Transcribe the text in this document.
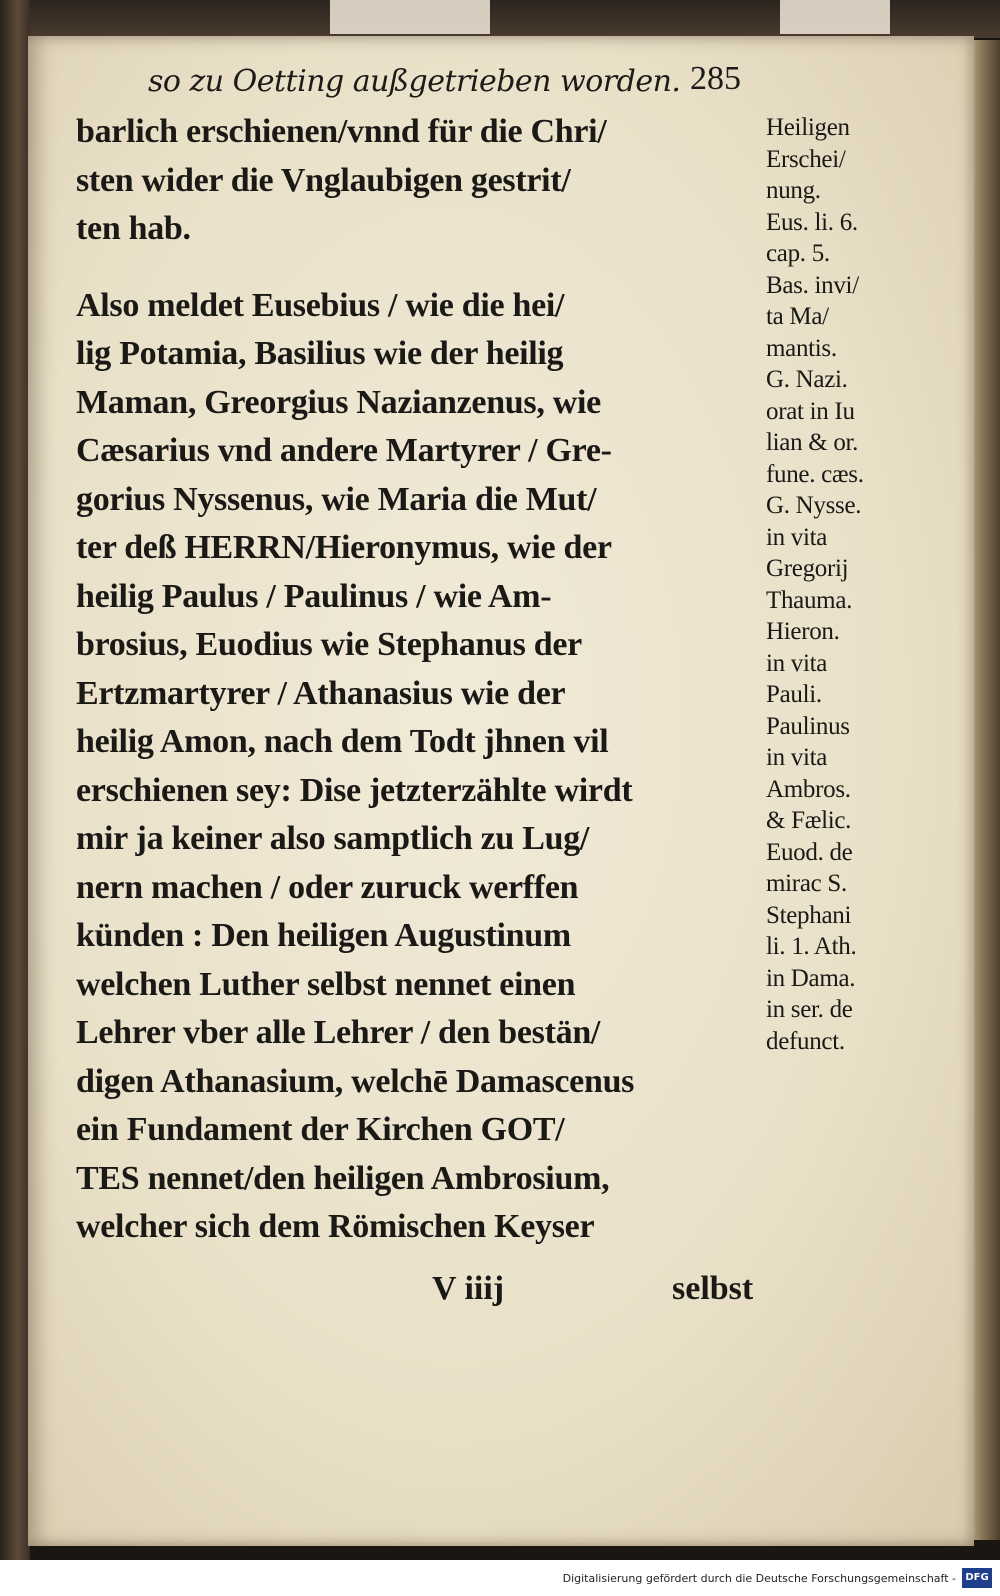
so zu Oetting außgetrieben worden. 285
barlich erschienen/vnnd für die Chri/
sten wider die Vnglaubigen gestrit/
ten hab.
Also meldet Eusebius / wie die hei/
lig Potamia, Basilius wie der heilig
Maman, Greorgius Nazianzenus, wie
Cæsarius vnd andere Martyrer / Gre-
gorius Nyssenus, wie Maria die Mut/
ter deß HERRN/Hieronymus, wie der
heilig Paulus / Paulinus / wie Am-
brosius, Euodius wie Stephanus der
Ertzmartyrer / Athanasius wie der
heilig Amon, nach dem Todt jhnen vil
erschienen sey: Dise jetzterzählte wirdt
mir ja keiner also samptlich zu Lug/
nern machen / oder zuruck werffen
künden : Den heiligen Augustinum
welchen Luther selbst nennet einen
Lehrer vber alle Lehrer / den bestän/
digen Athanasium, welchē Damascenus
ein Fundament der Kirchen GOT/
TES nennet/den heiligen Ambrosium,
welcher sich dem Römischen Keyser
Heiligen
Erschei/
nung.
Eus. li. 6.
cap. 5.
Bas. invi/
ta Ma/
mantis.
G. Nazi.
orat in Iu
lian & or.
fune. cæs.
G. Nysse.
in vita
Gregorij
Thauma.
Hieron.
in vita
Pauli.
Paulinus
in vita
Ambros.
& Fælic.
Euod. de
mirac S.
Stephani
li. 1. Ath.
in Dama.
in ser. de
defunct.
V iiij	selbst
Digitalisierung gefördert durch die Deutsche Forschungsgemeinschaft - DFG
